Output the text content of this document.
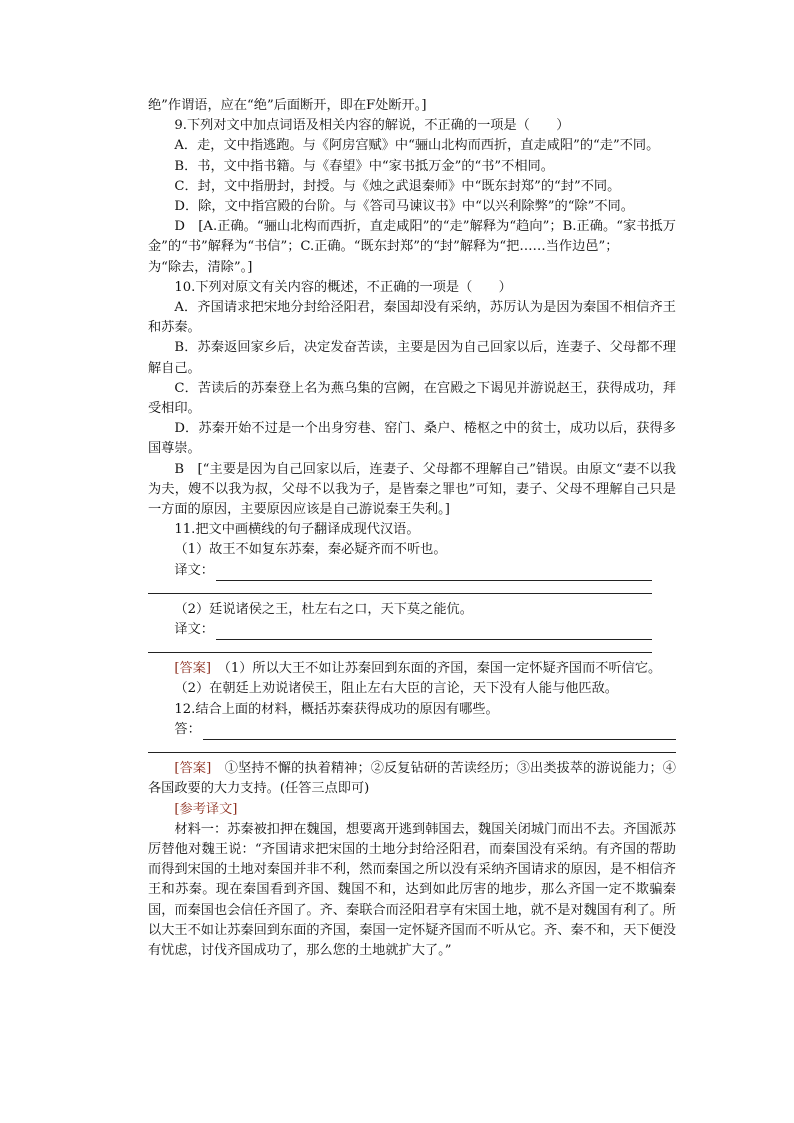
绝”作谓语，应在“绝”后面断开，即在F处断开。]

9.下列对文中加点词语及相关内容的解说，不正确的一项是（　　）

A．走，文中指逃跑。与《阿房宫赋》中“骊山北构而西折，直走咸阳”的“走”不同。

B．书，文中指书籍。与《春望》中“家书抵万金”的“书”不相同。

C．封，文中指册封，封授。与《烛之武退秦师》中“既东封郑”的“封”不同。

D．除，文中指宫殿的台阶。与《答司马谏议书》中“以兴利除弊”的“除”不同。

D　[A.正确。“骊山北构而西折，直走咸阳”的“走”解释为“趋向”；B.正确。“家书抵万金”的“书”解释为“书信”；C.正确。“既东封郑”的“封”解释为“把……当作边邑”；

为“除去，清除”。]

10.下列对原文有关内容的概述，不正确的一项是（　　）

A．齐国请求把宋地分封给泾阳君，秦国却没有采纳，苏厉认为是因为秦国不相信齐王和苏秦。

B．苏秦返回家乡后，决定发奋苦读，主要是因为自己回家以后，连妻子、父母都不理解自己。

C．苦读后的苏秦登上名为燕乌集的宫阙，在宫殿之下谒见并游说赵王，获得成功，拜受相印。

D．苏秦开始不过是一个出身穷巷、窑门、桑户、棬枢之中的贫士，成功以后，获得多国尊崇。

B　[“主要是因为自己回家以后，连妻子、父母都不理解自己”错误。由原文“妻不以我为夫，嫂不以我为叔，父母不以我为子，是皆秦之罪也”可知，妻子、父母不理解自己只是一方面的原因，主要原因应该是自己游说秦王失利。]

11.把文中画横线的句子翻译成现代汉语。

（1）故王不如复东苏秦，秦必疑齐而不听也。

译文：

（2）廷说诸侯之王，杜左右之口，天下莫之能伉。

译文：

[答案]　（1）所以大王不如让苏秦回到东面的齐国，秦国一定怀疑齐国而不听信它。

（2）在朝廷上劝说诸侯王，阻止左右大臣的言论，天下没有人能与他匹敌。

12.结合上面的材料，概括苏秦获得成功的原因有哪些。

答：

[答案]　①坚持不懈的执着精神；②反复钻研的苦读经历；③出类拔萃的游说能力；④各国政要的大力支持。(任答三点即可)

[参考译文]

材料一：苏秦被扣押在魏国，想要离开逃到韩国去，魏国关闭城门而出不去。齐国派苏厉替他对魏王说：“齐国请求把宋国的土地分封给泾阳君，而秦国没有采纳。有齐国的帮助而得到宋国的土地对秦国并非不利，然而秦国之所以没有采纳齐国请求的原因，是不相信齐王和苏秦。现在秦国看到齐国、魏国不和，达到如此厉害的地步，那么齐国一定不欺骗秦国，而秦国也会信任齐国了。齐、秦联合而泾阳君享有宋国土地，就不是对魏国有利了。所以大王不如让苏秦回到东面的齐国，秦国一定怀疑齐国而不听从它。齐、秦不和，天下便没有忧虑，讨伐齐国成功了，那么您的土地就扩大了。”
